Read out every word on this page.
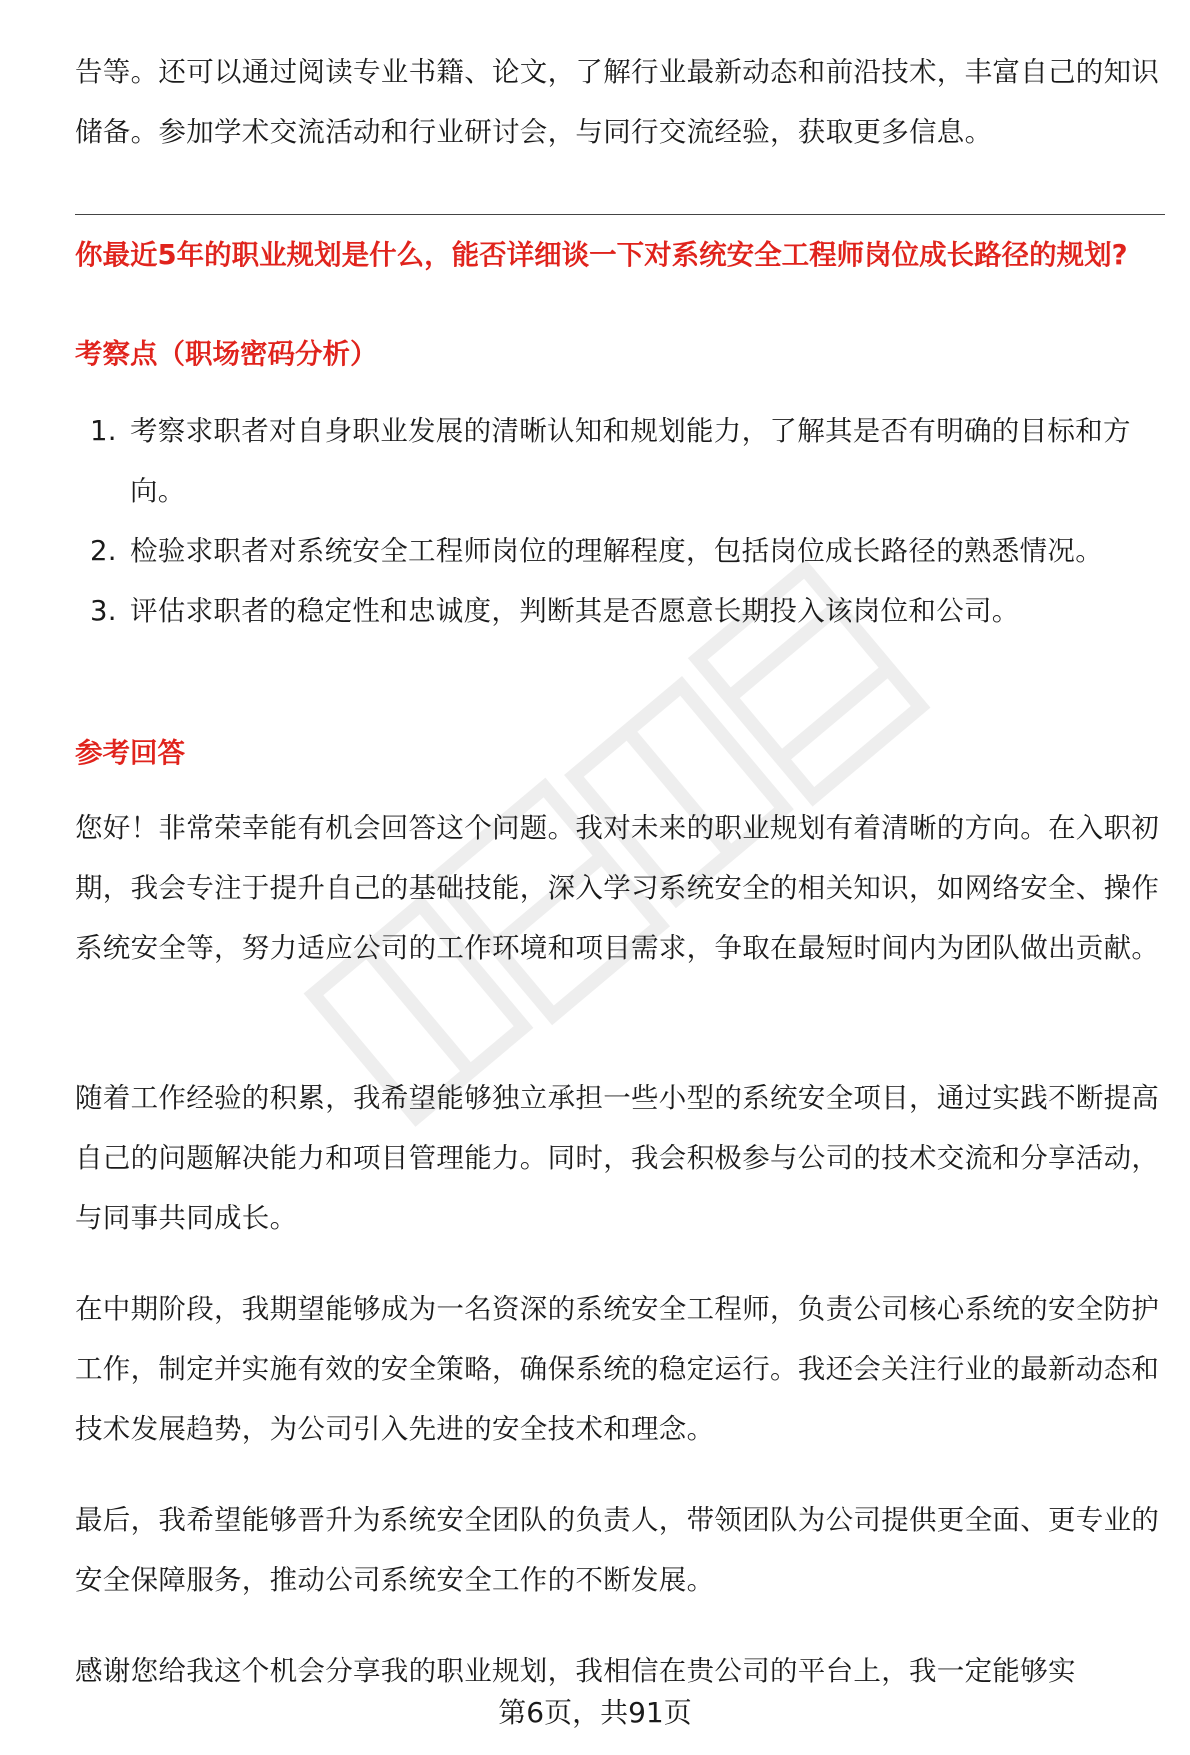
告等。还可以通过阅读专业书籍、论文，了解行业最新动态和前沿技术，丰富自己的知识储备。参加学术交流活动和行业研讨会，与同行交流经验，获取更多信息。

你最近5年的职业规划是什么，能否详细谈一下对系统安全工程师岗位成长路径的规划?

考察点（职场密码分析）

1. 考察求职者对自身职业发展的清晰认知和规划能力，了解其是否有明确的目标和方向。
2. 检验求职者对系统安全工程师岗位的理解程度，包括岗位成长路径的熟悉情况。
3. 评估求职者的稳定性和忠诚度，判断其是否愿意长期投入该岗位和公司。

参考回答

您好！非常荣幸能有机会回答这个问题。我对未来的职业规划有着清晰的方向。在入职初期，我会专注于提升自己的基础技能，深入学习系统安全的相关知识，如网络安全、操作系统安全等，努力适应公司的工作环境和项目需求，争取在最短时间内为团队做出贡献。

随着工作经验的积累，我希望能够独立承担一些小型的系统安全项目，通过实践不断提高自己的问题解决能力和项目管理能力。同时，我会积极参与公司的技术交流和分享活动，与同事共同成长。

在中期阶段，我期望能够成为一名资深的系统安全工程师，负责公司核心系统的安全防护工作，制定并实施有效的安全策略，确保系统的稳定运行。我还会关注行业的最新动态和技术发展趋势，为公司引入先进的安全技术和理念。

最后，我希望能够晋升为系统安全团队的负责人，带领团队为公司提供更全面、更专业的安全保障服务，推动公司系统安全工作的不断发展。

感谢您给我这个机会分享我的职业规划，我相信在贵公司的平台上，我一定能够实

第6页，共91页
